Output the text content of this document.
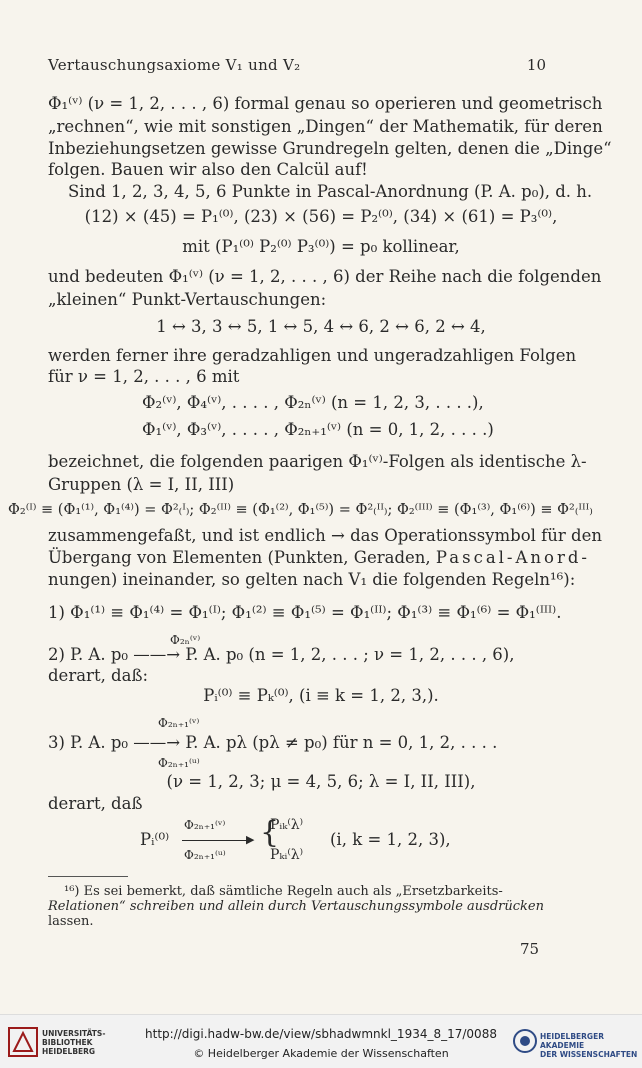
Vertauschungsaxiome V₁ und V₂	10
Φ₁⁽ᵛ⁾ (ν = 1, 2, . . . , 6) formal genau so operieren und geometrisch
„rechnen“, wie mit sonstigen „Dingen“ der Mathematik, für deren
Inbeziehungsetzen gewisse Grundregeln gelten, denen die „Dinge“
folgen. Bauen wir also den Calcül auf!
Sind 1, 2, 3, 4, 5, 6 Punkte in Pascal-Anordnung (P. A. p₀), d. h.
(12) × (45) = P₁⁽⁰⁾, (23) × (56) = P₂⁽⁰⁾, (34) × (61) = P₃⁽⁰⁾,
mit (P₁⁽⁰⁾ P₂⁽⁰⁾ P₃⁽⁰⁾) = p₀ kollinear,
und bedeuten Φ₁⁽ᵛ⁾ (ν = 1, 2, . . . , 6) der Reihe nach die folgenden
„kleinen“ Punkt-Vertauschungen:
1 ↔ 3, 3 ↔ 5, 1 ↔ 5, 4 ↔ 6, 2 ↔ 6, 2 ↔ 4,
werden ferner ihre geradzahligen und ungeradzahligen Folgen
für ν = 1, 2, . . . , 6 mit
Φ₂⁽ᵛ⁾, Φ₄⁽ᵛ⁾, . . . . , Φ₂ₙ⁽ᵛ⁾ (n = 1, 2, 3, . . . .),
Φ₁⁽ᵛ⁾, Φ₃⁽ᵛ⁾, . . . . , Φ₂ₙ₊₁⁽ᵛ⁾ (n = 0, 1, 2, . . . .)
bezeichnet, die folgenden paarigen Φ₁⁽ᵛ⁾-Folgen als identische λ-
Gruppen (λ = I, II, III)
Φ₂⁽ᴵ⁾ ≡ (Φ₁⁽¹⁾, Φ₁⁽⁴⁾) = Φ²₍ᴵ₎; Φ₂⁽ᴵᴵ⁾ ≡ (Φ₁⁽²⁾, Φ₁⁽⁵⁾) = Φ²₍ᴵᴵ₎; Φ₂⁽ᴵᴵᴵ⁾ ≡ (Φ₁⁽³⁾, Φ₁⁽⁶⁾) ≡ Φ²₍ᴵᴵᴵ₎
zusammengefaßt, und ist endlich → das Operationssymbol für den
Übergang von Elementen (Punkten, Geraden, Pascal-Anord-
nungen) ineinander, so gelten nach V₁ die folgenden Regeln¹⁶):
1) Φ₁⁽¹⁾ ≡ Φ₁⁽⁴⁾ = Φ₁⁽ᴵ⁾; Φ₁⁽²⁾ ≡ Φ₁⁽⁵⁾ = Φ₁⁽ᴵᴵ⁾; Φ₁⁽³⁾ ≡ Φ₁⁽⁶⁾ = Φ₁⁽ᴵᴵᴵ⁾.
Φ₂ₙ⁽ᵛ⁾
2) P. A. p₀ ——→ P. A. p₀ (n = 1, 2, . . . ; ν = 1, 2, . . . , 6),
derart, daß:
Pᵢ⁽⁰⁾ ≡ Pₖ⁽⁰⁾, (i ≡ k = 1, 2, 3,).
Φ₂ₙ₊₁⁽ᵛ⁾
3) P. A. p₀ ——→ P. A. pλ (pλ ≠ p₀) für n = 0, 1, 2, . . . .
Φ₂ₙ₊₁⁽ᵘ⁾
(ν = 1, 2, 3; μ = 4, 5, 6; λ = I, II, III),
derart, daß
Φ₂ₙ₊₁⁽ᵛ⁾	Pᵢₖ⁽λ⁾
Pᵢ⁽⁰⁾	▶ {	(i, k = 1, 2, 3),
Φ₂ₙ₊₁⁽ᵘ⁾	Pₖᵢ⁽λ⁾
¹⁶) Es sei bemerkt, daß sämtliche Regeln auch als „Ersetzbarkeits-
Relationen“ schreiben und allein durch Vertauschungssymbole ausdrücken
lassen.
75
UNIVERSITÄTS-
BIBLIOTHEK
HEIDELBERG
http://digi.hadw-bw.de/view/sbhadwmnkl_1934_8_17/0088
© Heidelberger Akademie der Wissenschaften
HEIDELBERGER AKADEMIE
DER WISSENSCHAFTEN
